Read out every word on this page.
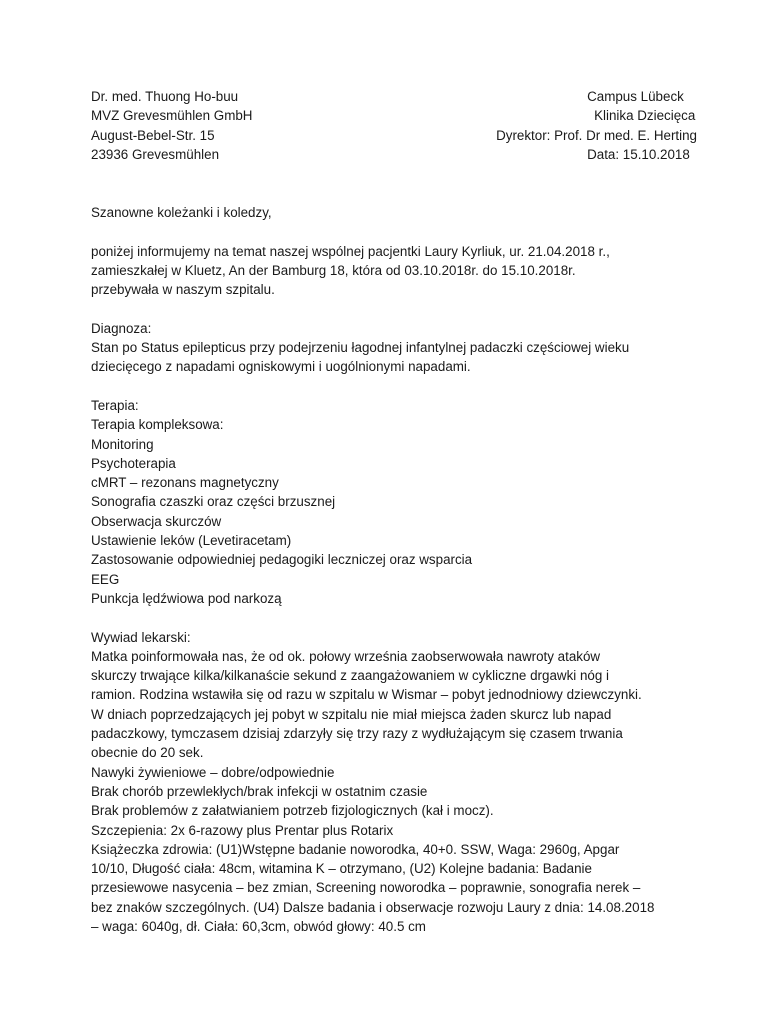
Dr. med. Thuong Ho-buu
MVZ Grevesmühlen GmbH
August-Bebel-Str. 15
23936 Grevesmühlen
Campus Lübeck
Klinika Dziecięca
Dyrektor: Prof. Dr med. E. Herting
Data: 15.10.2018
Szanowne koleżanki i koledzy,
poniżej informujemy na temat naszej wspólnej pacjentki Laury Kyrliuk, ur. 21.04.2018 r.,
zamieszkałej w Kluetz, An der Bamburg 18, która od 03.10.2018r. do 15.10.2018r.
przebywała w naszym szpitalu.
Diagnoza:
Stan po Status epilepticus przy podejrzeniu łagodnej infantylnej padaczki częściowej wieku
dziecięcego z napadami ogniskowymi i uogólnionymi napadami.
Terapia:
Terapia kompleksowa:
Monitoring
Psychoterapia
cMRT – rezonans magnetyczny
Sonografia czaszki oraz części brzusznej
Obserwacja skurczów
Ustawienie leków (Levetiracetam)
Zastosowanie odpowiedniej pedagogiki leczniczej oraz wsparcia
EEG
Punkcja lędźwiowa pod narkozą
Wywiad lekarski:
Matka poinformowała nas, że od ok. połowy września zaobserwowała nawroty ataków
skurczy trwające kilka/kilkanaście sekund z zaangażowaniem w cykliczne drgawki nóg i
ramion. Rodzina wstawiła się od razu w szpitalu w Wismar – pobyt jednodniowy dziewczynki.
W dniach poprzedzających jej pobyt w szpitalu nie miał miejsca żaden skurcz lub napad
padaczkowy, tymczasem dzisiaj zdarzyły się trzy razy z wydłużającym się czasem trwania
obecnie do 20 sek.
Nawyki żywieniowe – dobre/odpowiednie
Brak chorób przewlekłych/brak infekcji w ostatnim czasie
Brak problemów z załatwianiem potrzeb fizjologicznych (kał i mocz).
Szczepienia: 2x 6-razowy plus Prentar plus Rotarix
Książeczka zdrowia: (U1)Wstępne badanie noworodka, 40+0. SSW, Waga: 2960g, Apgar
10/10, Długość ciała: 48cm, witamina K – otrzymano, (U2) Kolejne badania: Badanie
przesiewowe nasycenia – bez zmian, Screening noworodka – poprawnie, sonografia nerek –
bez znaków szczególnych. (U4) Dalsze badania i obserwacje rozwoju Laury z dnia: 14.08.2018
– waga: 6040g, dł. Ciała: 60,3cm, obwód głowy: 40.5 cm
